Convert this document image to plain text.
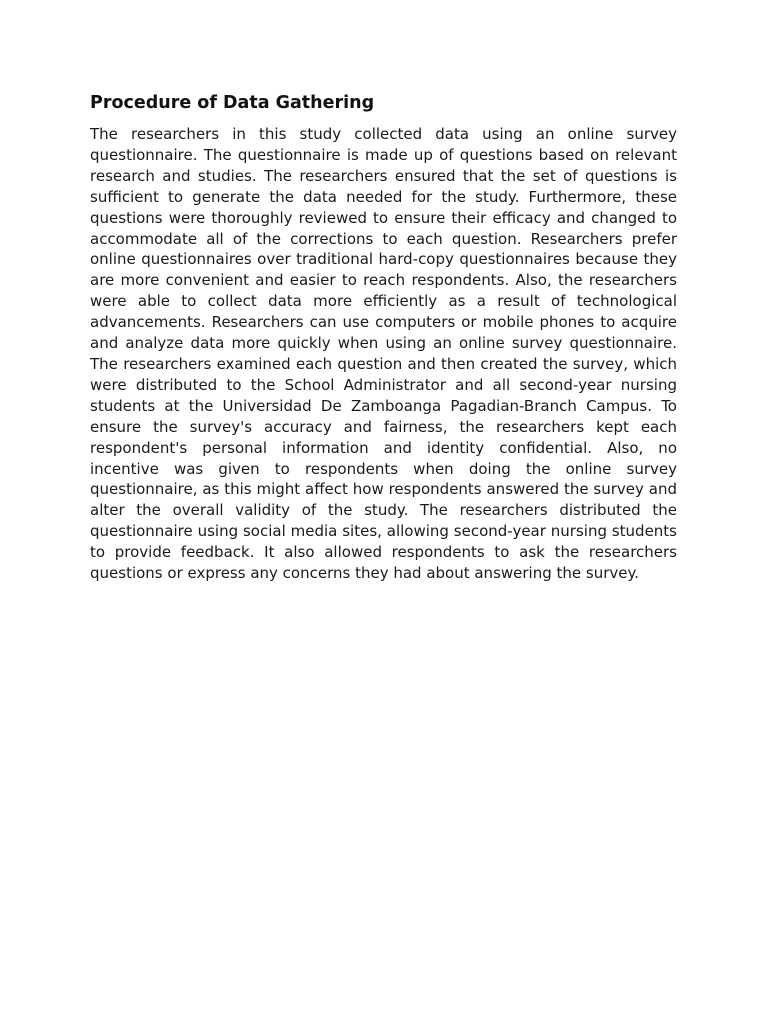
Procedure of Data Gathering

The researchers in this study collected data using an online survey questionnaire. The questionnaire is made up of questions based on relevant research and studies. The researchers ensured that the set of questions is sufficient to generate the data needed for the study. Furthermore, these questions were thoroughly reviewed to ensure their efficacy and changed to accommodate all of the corrections to each question. Researchers prefer online questionnaires over traditional hard-copy questionnaires because they are more convenient and easier to reach respondents. Also, the researchers were able to collect data more efficiently as a result of technological advancements. Researchers can use computers or mobile phones to acquire and analyze data more quickly when using an online survey questionnaire. The researchers examined each question and then created the survey, which were distributed to the School Administrator and all second-year nursing students at the Universidad De Zamboanga Pagadian-Branch Campus. To ensure the survey's accuracy and fairness, the researchers kept each respondent's personal information and identity confidential. Also, no incentive was given to respondents when doing the online survey questionnaire, as this might affect how respondents answered the survey and alter the overall validity of the study. The researchers distributed the questionnaire using social media sites, allowing second-year nursing students to provide feedback. It also allowed respondents to ask the researchers questions or express any concerns they had about answering the survey.
